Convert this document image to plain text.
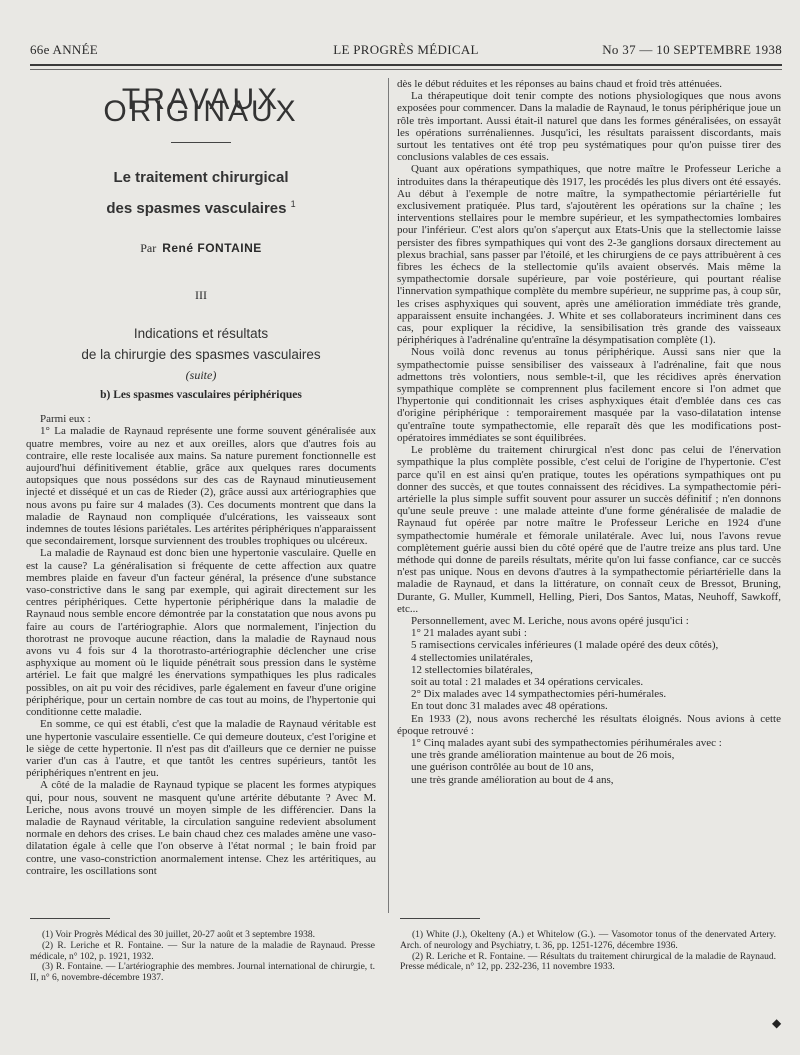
66e ANNÉE	LE PROGRÈS MÉDICAL	No 37 — 10 SEPTEMBRE 1938
TRAVAUX ORIGINAUX
Le traitement chirurgical
des spasmes vasculaires $^1$
Par René FONTAINE
III
Indications et résultats
de la chirurgie des spasmes vasculaires
(suite)
b) Les spasmes vasculaires périphériques

Parmi eux :

1° La maladie de Raynaud représente une forme souvent généralisée aux quatre membres, voire au nez et aux oreilles, alors que d'autres fois au contraire, elle reste localisée aux mains. Sa nature purement fonctionnelle est aujourd'hui définitivement établie, grâce aux quelques rares documents autopsiques que nous possédons sur des cas de Raynaud minutieusement injecté et disséqué et un cas de Rieder (2), grâce aussi aux artériographies que nous avons pu faire sur 4 malades (3). Ces documents montrent que dans la maladie de Raynaud non compliquée d'ulcérations, les vaisseaux sont indemnes de toutes lésions pariétales. Les artérites périphériques n'apparaissent que secondairement, lorsque surviennent des troubles trophiques ou ulcéreux.

La maladie de Raynaud est donc bien une hypertonie vasculaire. Quelle en est la cause? La généralisation si fréquente de cette affection aux quatre membres plaide en faveur d'un facteur général, la présence d'une substance vaso-constrictive dans le sang par exemple, qui agirait directement sur les centres périphériques. Cette hypertonie périphérique dans la maladie de Raynaud nous semble encore démontrée par la constatation que nous avons pu faire au cours de l'artériographie. Alors que normalement, l'injection du thorotrast ne provoque aucune réaction, dans la maladie de Raynaud nous avons vu 4 fois sur 4 la thorotrasto-artériographie déclencher une crise asphyxique au moment où le liquide pénétrait sous pression dans le système artériel. Le fait que malgré les énervations sympathiques les plus radicales possibles, on ait pu voir des récidives, parle également en faveur d'une origine périphérique, pour un certain nombre de cas tout au moins, de l'hypertonie qui conditionne cette maladie.

En somme, ce qui est établi, c'est que la maladie de Raynaud véritable est une hypertonie vasculaire essentielle. Ce qui demeure douteux, c'est l'origine et le siège de cette hypertonie. Il n'est pas dit d'ailleurs que ce dernier ne puisse varier d'un cas à l'autre, et que tantôt les centres supérieurs, tantôt les périphériques n'entrent en jeu.

A côté de la maladie de Raynaud typique se placent les formes atypiques qui, pour nous, souvent ne masquent qu'une artérite débutante ? Avec M. Leriche, nous avons trouvé un moyen simple de les différencier. Dans la maladie de Raynaud véritable, la circulation sanguine redevient absolument normale en dehors des crises. Le bain chaud chez ces malades amène une vaso-dilatation égale à celle que l'on observe à l'état normal ; le bain froid par contre, une vaso-constriction anormalement intense. Chez les artéritiques, au contraire, les oscillations sont

dès le début réduites et les réponses au bains chaud et froid très atténuées.

La thérapeutique doit tenir compte des notions physiologiques que nous avons exposées pour commencer. Dans la maladie de Raynaud, le tonus périphérique joue un rôle très important. Aussi était-il naturel que dans les formes généralisées, on essayât les opérations surrénaliennes. Jusqu'ici, les résultats paraissent discordants, mais surtout les tentatives ont été trop peu systématiques pour qu'on puisse tirer des conclusions valables de ces essais.

Quant aux opérations sympathiques, que notre maître le Professeur Leriche a introduites dans la thérapeutique dès 1917, les procédés les plus divers ont été essayés. Au début à l'exemple de notre maître, la sympathectomie périartérielle fut exclusivement pratiquée. Plus tard, s'ajoutèrent les opérations sur la chaîne ; les interventions stellaires pour le membre supérieur, et les sympathectomies lombaires pour l'inférieur. C'est alors qu'on s'aperçut aux Etats-Unis que la stellectomie laisse persister des fibres sympathiques qui vont des 2-3e ganglions dorsaux directement au plexus brachial, sans passer par l'étoilé, et les chirurgiens de ce pays attribuèrent à ces fibres les échecs de la stellectomie qu'ils avaient observés. Mais même la sympathectomie dorsale supérieure, par voie postérieure, qui pourtant réalise l'innervation sympathique complète du membre supérieur, ne supprime pas, à coup sûr, les crises asphyxiques qui souvent, après une amélioration immédiate très grande, apparaissent ensuite inchangées. J. White et ses collaborateurs incriminent dans ces cas, pour expliquer la récidive, la sensibilisation très grande des vaisseaux périphériques à l'adrénaline qu'entraîne la désympatisation complète (1).

Nous voilà donc revenus au tonus périphérique. Aussi sans nier que la sympathectomie puisse sensibiliser des vaisseaux à l'adrénaline, fait que nous admettons très volontiers, nous semble-t-il, que les récidives après énervation sympathique complète se comprennent plus facilement encore si l'on admet que l'hypertonie qui conditionnait les crises asphyxiques était d'emblée dans ces cas d'origine périphérique : temporairement masquée par la vaso-dilatation intense qu'entraîne toute sympathectomie, elle reparaît dès que les modifications post-opératoires immédiates se sont équilibrées.

Le problème du traitement chirurgical n'est donc pas celui de l'énervation sympathique la plus complète possible, c'est celui de l'origine de l'hypertonie. C'est parce qu'il en est ainsi qu'en pratique, toutes les opérations sympathiques ont pu donner des succès, et que toutes connaissent des récidives. La sympathectomie péri-artérielle la plus simple suffit souvent pour assurer un succès définitif ; n'en donnons qu'une seule preuve : une malade atteinte d'une forme généralisée de maladie de Raynaud fut opérée par notre maître le Professeur Leriche en 1924 d'une sympathectomie humérale et fémorale unilatérale. Avec lui, nous l'avons revue complètement guérie aussi bien du côté opéré que de l'autre treize ans plus tard. Une méthode qui donne de pareils résultats, mérite qu'on lui fasse confiance, car ce succès n'est pas unique. Nous en devons d'autres à la sympathectomie périartérielle dans la maladie de Raynaud, et dans la littérature, on connaît ceux de Bressot, Bruning, Durante, G. Muller, Kummell, Helling, Pieri, Dos Santos, Matas, Neuhoff, Sawkoff, etc...

Personnellement, avec M. Leriche, nous avons opéré jusqu'ici :

1° 21 malades ayant subi :

5 ramisections cervicales inférieures (1 malade opéré des deux côtés),

4 stellectomies unilatérales,

12 stellectomies bilatérales,

soit au total : 21 malades et 34 opérations cervicales.

2° Dix malades avec 14 sympathectomies péri-humérales.

En tout donc 31 malades avec 48 opérations.

En 1933 (2), nous avons recherché les résultats éloignés. Nous avions à cette époque retrouvé :

1° Cinq malades ayant subi des sympathectomies périhumérales avec :

une très grande amélioration maintenue au bout de 26 mois,

une guérison contrôlée au bout de 10 ans,

une très grande amélioration au bout de 4 ans,

(1) Voir Progrès Médical des 30 juillet, 20-27 août et 3 septembre 1938.

(2) R. Leriche et R. Fontaine. — Sur la nature de la maladie de Raynaud. Presse médicale, n° 102, p. 1921, 1932.

(3) R. Fontaine. — L'artériographie des membres. Journal international de chirurgie, t. II, n° 6, novembre-décembre 1937.

(1) White (J.), Okelteny (A.) et Whitelow (G.). — Vasomotor tonus of the denervated Artery. Arch. of neurology and Psychiatry, t. 36, pp. 1251-1276, décembre 1936.

(2) R. Leriche et R. Fontaine. — Résultats du traitement chirurgical de la maladie de Raynaud. Presse médicale, n° 12, pp. 232-236, 11 novembre 1933.

◆
